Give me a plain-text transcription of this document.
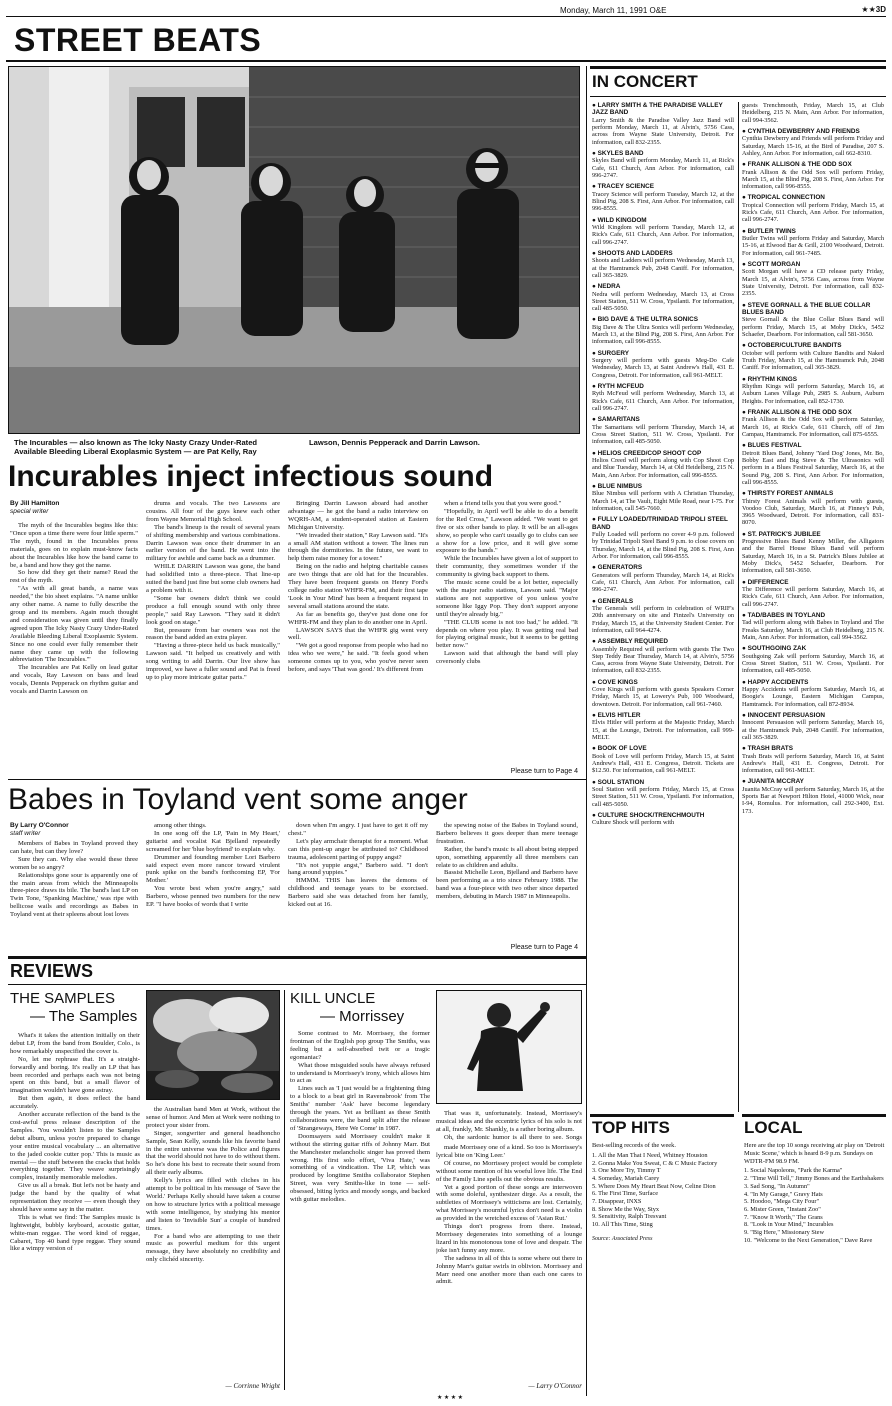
Monday, March 11, 1991 O&E	★★3D
STREET BEATS
The Incurables — also known as The Icky Nasty Crazy Under-Rated Available Bleeding Liberal Exoplasmic System — are Pat Kelly, Ray Lawson, Dennis Pepperack and Darrin Lawson.
Incurables inject infectious sound
By Jill Hamilton
special writer

The myth of the Incurables begins like this: "Once upon a time there were four little sperm." The myth, found in the Incurables press materials, goes on to explain must-know facts about the Incurables like how the band came to be, a band and how they got the name.

So how did they get their name? Read the rest of the myth.

"As with all great bands, a name was needed," the bio sheet explains. "A name unlike any other name. A name to fully describe the group and its members. Again much thought and consideration was given until they finally agreed upon The Icky Nasty Crazy Under-Rated Available Bleeding Liberal Exoplasmic System. Since no one could ever fully remember their name they came up with the following abbreviation 'The Incurables.'"

The Incurables are Pat Kelly on lead guitar and vocals, Ray Lawson on bass and lead vocals, Dennis Pepperack on rhythm guitar and vocals and Darrin Lawson on

drums and vocals. The two Lawsons are cousins. All four of the guys knew each other from Wayne Memorial High School.

The band's lineup is the result of several years of shifting membership and various combinations. Darrin Lawson was once their drummer in an earlier version of the band. He went into the military for awhile and came back as a drummer.

WHILE DARRIN Lawson was gone, the band had solidified into a three-piece. That line-up suited the band just fine but some club owners had a problem with it.

"Some bar owners didn't think we could produce a full enough sound with only three people," said Ray Lawson. "They said it didn't look good on stage."

But, pressure from bar owners was not the reason the band added an extra player.

"Having a three-piece held us back musically," Lawson said. "It helped us creatively and with song writing to add Darrin. Our live show has improved, we have a fuller sound and Pat is freed up to play more intricate guitar parts."

Bringing Darrin Lawson aboard had another advantage — he got the band a radio interview on WQRH-AM, a student-operated station at Eastern Michigan University.

"We invaded their station," Ray Lawson said. "It's a small AM station without a tower. The lines run through the dormitories. In the future, we want to help them raise money for a tower."

Being on the radio and helping charitable causes are two things that are old hat for the Incurables. They have been frequent guests on Henry Ford's college radio station WHFR-FM, and their first tape 'Look in Your Mind' has been a frequent request in several small stations around the state.

As far as benefits go, they've just done one for WHFR-FM and they plan to do another one in April.

LAWSON SAYS that the WHFR gig went very well.

"We got a good response from people who had no idea who we were," he said. "It feels good when someone comes up to you, who you've never seen before, and says 'That was good.' It's different from

when a friend tells you that you were good."

"Hopefully, in April we'll be able to do a benefit for the Red Cross," Lawson added. "We want to get five or six other bands to play. It will be an all-ages show, so people who can't usually go to clubs can see a show for a low price, and it will give some exposure to the bands."

While the Incurables have given a lot of support to their community, they sometimes wonder if the community is giving back support to them.

The music scene could be a lot better, especially with the major radio stations, Lawson said. "Major stations are not supportive of you unless you're someone like Iggy Pop. They don't support anyone until they're already big."

"THE CLUB scene is not too bad," he added. "It depends on where you play. It was getting real bad for playing original music, but it seems to be getting better now."

Lawson said that although the band will play coversonly clubs

Please turn to Page 4
Babes in Toyland vent some anger
By Larry O'Connor
staff writer

Members of Babes in Toyland proved they can hate, but can they love?

Sure they can. Why else would these three women be so angry?

Relationships gone sour is apparently one of the main areas from which the Minneapolis three-piece draws its bile. The band's last LP on Twin Tone, 'Spanking Machine,' was ripe with bellicose wails and recordings as Babes in Toyland vent at their spleens about lost loves

among other things.

In one song off the LP, 'Pain in My Heart,' guitarist and vocalist Kat Bjelland repeatedly screamed for her 'blue boyfriend' to explain why.

Drummer and founding member Lori Barbero said expect even more rancor toward virulent punk spike on the band's forthcoming EP, 'For Mother.'

You wrote best when you're angry," said Barbero, whose penned two numbers for the new EP. "I have books of words that I write

down when I'm angry. I just have to get it off my chest."

Let's play armchair therapist for a moment. What can this pent-up anger be attributed to? Childhood trauma, adolescent parting of puppy angst?

"It's not yuppie angst," Barbero said. "I don't hang around yuppies."

HMMM. THIS has leaves the demons of childhood and teenage years to be exorcised. Barbero said she was detached from her family, kicked out at 16.

the spewing noise of the Babes in Toyland sound, Barbero believes it goes deeper than mere teenage frustration.

Rather, the band's music is all about being stepped upon, something apparently all three members can relate to as children and adults.

Bassist Michelle Leon, Bjelland and Barbero have been performing as a trio since February 1988. The band was a four-piece with two other since departed members, debuting in March 1987 in Minneapolis.

Please turn to Page 4
REVIEWS
THE SAMPLES
— The Samples

What's it takes the attention initially on their debut LP, from the band from Boulder, Colo., is how remarkably unspecified the cover is.

No, let me rephrase that. It's a straight-forwardly and boring. It's really an LP that has been recorded and perhaps each was not being spent on this band, but a small flavor of imagination wouldn't have gone astray.

But then again, it does reflect the band accurately.

Another accurate reflection of the band is the cost-awful press release description of the Samples. 'You wouldn't listen to the Samples debut album, unless you're prepared to change your entire musical vocabulary ... an alternative to the jaded cookie cutter pop.' This is music as mental — the stuff between the cracks that holds everything together. They weave surprisingly complex, instantly memorable melodies.

Give us all a break. But let's not be hasty and judge the band by the quality of what representation they receive — even though they should have some say in the matter.

This is what we find: The Samples music is lightweight, bubbly keyboard, acoustic guitar, white-man reggae. The word kind of reggae, Cabaret, Top 40 band type reggae. They sound like a wimpy version of

the Australian band Men at Work, without the sense of humor. And Men at Work were nothing to protect your sister from.

Singer, songwriter and general headhoncho Sample, Sean Kelly, sounds like his favorite band in the entire universe was the Police and figures that the world should not have to do without them. So he's done his best to recreate their sound from all their early albums.

Kelly's lyrics are filled with cliches in his attempt to be political in his message of 'Save the World.' Perhaps Kelly should have taken a course on how to structure lyrics with a political message with some intelligence, by studying his mentor and listen to 'Invisible Sun' a couple of hundred times.

For a band who are attempting to use their music as powerful medium for this urgent message, they have absolutely no credibility and only clichéd sincerity.

— Corrinne Wright
KILL UNCLE
— Morrissey

Some contrast to Mr. Morrissey, the former frontman of the English pop group The Smiths, was feeling but a self-absorbed twit or a tragic egomaniac?

What those misguided souls have always refused to understand is Morrissey's irony, which allows him to act as

Lines such as 'I just would be a frightening thing to a block to a beat girl in Ravensbrook' from The Smiths' number 'Ask' have become legendary through the years. Yet as brilliant as these Smith collaborations were, the band split after the release of 'Strangeways, Here We Come' in 1987.

Doomsayers said Morrissey couldn't make it without the stirring guitar riffs of Johnny Marr. But the Manchester melancholic singer has proved them wrong. His first solo effort, 'Viva Hate,' was something of a vindication. The LP, which was produced by longtime Smiths collaborator Stephen Street, was very Smiths-like in tone — self-obsessed, biting lyrics and moody songs, and backed with guitar melodies.

That was it, unfortunately. Instead, Morrissey's musical ideas and the eccentric lyrics of his solo is not at all, frankly, Mr. Shankly, is a rather boring album.

Oh, the sardonic humor is all there to see. Songs

made Morrissey one of a kind. So too is Morrissey's lyrical bite on 'King Leer.'

Of course, no Morrissey project would be complete without some mention of his woeful love life. The End of the Family Line spells out the obvious results.

Yet a good portion of these songs are interwoven with some doleful, synthesizer dirge. As a result, the subtleties of Morrissey's witticisms are lost. Certainly, what Morrissey's mournful lyrics don't need is a violin as provided in the wretched excess of 'Asian Rut.'

Things don't progress from there. Instead, Morrissey degenerates into something of a lounge lizard in his monotonous tone of love and despair. The joke isn't funny any more.

The sadness in all of this is some where out there in Johnny Marr's guitar swirls in oblivion. Morrissey and Marr need one another more than each one cares to admit.

— Larry O'Connor
IN CONCERT
● LARRY SMITH & THE PARADISE VALLEY JAZZ BAND
Larry Smith & the Paradise Valley Jazz Band will perform Monday, March 11, at Alvin's, 5756 Cass, across from Wayne State University, Detroit. For information, call 832-2355.
● SKYLES BAND
Skyles Band will perform Monday, March 11, at Rick's Cafe, 611 Church, Ann Arbor. For information, call 996-2747.
● TRACEY SCIENCE
Tracey Science will perform Tuesday, March 12, at the Blind Pig, 208 S. First, Ann Arbor. For information, call 996-8555.
● WILD KINGDOM
Wild Kingdom will perform Tuesday, March 12, at Rick's Cafe, 611 Church, Ann Arbor. For information, call 996-2747.
● SHOOTS AND LADDERS
Shoots and Ladders will perform Wednesday, March 13, at the Hamtramck Pub, 2048 Caniff. For information, call 365-3829.
● NEDRA
Nedra will perform Wednesday, March 13, at Cross Street Station, 511 W. Cross, Ypsilanti. For information, call 485-5050.
● BIG DAVE & THE ULTRA SONICS
Big Dave & The Ultra Sonics will perform Wednesday, March 13, at the Blind Pig, 208 S. First, Ann Arbor. For information, call 996-8555.
● SURGERY
Surgery will perform with guests Meg-Do Cafe Wednesday, March 13, at Saint Andrew's Hall, 431 E. Congress, Detroit. For information, call 961-MELT.
● RYTH MCFEUD
Ryth McFeud will perform Wednesday, March 13, at Rick's Cafe, 611 Church, Ann Arbor. For information, call 996-2747.
● SAMARITANS
The Samaritans will perform Thursday, March 14, at Cross Street Station, 511 W. Cross, Ypsilanti. For information, call 485-5050.
● HELIOS CREED/COP SHOOT COP
Helios Creed will perform along with Cop Shoot Cop and Blue Tuesday, March 14, at Old Heidelberg, 215 N. Main, Ann Arbor. For information, call 996-8555.
● BLUE NIMBUS
Blue Nimbus will perform with A Christian Thursday, March 14, at The Vault, Eight Mile Road, near I-75. For information, call 545-7660.
● FULLY LOADED/TRINIDAD TRIPOLI STEEL BAND
Fully Loaded will perform no cover 4-9 p.m. followed by Trinidad Tripoli Steel Band 9 p.m. to close covers on Thursday, March 14, at the Blind Pig, 208 S. First, Ann Arbor. For information, call 996-8555.
● GENERATORS
Generators will perform Thursday, March 14, at Rick's Cafe, 611 Church, Ann Arbor. For information, call 996-2747.
● GENERALS
The Generals will perform in celebration of WRIF's 20th anniversary on site and Fintzel's University on Friday, March 15, at the University Student Center. For information, call 964-4274.
● ASSEMBLY REQUIRED
Assembly Required will perform with guests The Two Step Teddy Bear Thursday, March 14, at Alvin's, 5756 Cass, across from Wayne State University, Detroit. For information, call 832-2355.
● COVE KINGS
Cove Kings will perform with guests Speakers Corner Friday, March 15, at Lowery's Pub, 100 Woodward, downtown. Detroit. For information, call 961-7460.
● ELVIS HITLER
Elvis Hitler will perform at the Majestic Friday, March 15, at the Lounge, Detroit. For information, call 999-MELT.
● BOOK OF LOVE
Book of Love will perform Friday, March 15, at Saint Andrew's Hall, 431 E. Congress, Detroit. Tickets are $12.50. For information, call 961-MELT.
● SOUL STATION
Soul Station will perform Friday, March 15, at Cross Street Station, 511 W. Cross, Ypsilanti. For information, call 485-5050.
● CULTURE SHOCK/TRENCHMOUTH
Culture Shock will perform with
guests Trenchmouth, Friday, March 15, at Club Heidelberg, 215 N. Main, Ann Arbor. For information, call 994-3562.
● CYNTHIA DEWBERRY AND FRIENDS
Cynthia Dewberry and Friends will perform Friday and Saturday, March 15-16, at the Bird of Paradise, 207 S. Ashley, Ann Arbor. For information, call 662-8310.
● FRANK ALLISON & THE ODD SOX
Frank Allison & the Odd Sox will perform Friday, March 15, at the Blind Pig, 208 S. First, Ann Arbor. For information, call 996-8555.
● TROPICAL CONNECTION
Tropical Connection will perform Friday, March 15, at Rick's Cafe, 611 Church, Ann Arbor. For information, call 996-2747.
● BUTLER TWINS
Butler Twins will perform Friday and Saturday, March 15-16, at Elwood Bar & Grill, 2100 Woodward, Detroit. For information, call 961-7485.
● SCOTT MORGAN
Scott Morgan will have a CD release party Friday, March 15, at Alvin's, 5756 Cass, across from Wayne State University, Detroit. For information, call 832-2355.
● STEVE GORNALL & THE BLUE COLLAR BLUES BAND
Steve Gornall & the Blue Collar Blues Band will perform Friday, March 15, at Moby Dick's, 5452 Schaefer, Dearborn. For information, call 581-3650.
● OCTOBER/CULTURE BANDITS
October will perform with Culture Bandits and Naked Truth Friday, March 15, at the Hamtramck Pub, 2048 Caniff. For information, call 365-3829.
● RHYTHM KINGS
Rhythm Kings will perform Saturday, March 16, at Auburn Lanes Village Pub, 2985 S. Auburn, Auburn Heights. For information, call 852-1730.
● FRANK ALLISON & THE ODD SOX
Frank Allison & the Odd Sox will perform Saturday, March 16, at Rick's Cafe, 611 Church, off of Jim Campau, Hamtramck. For information, call 875-6555.
● BLUES FESTIVAL
Detroit Blues Band, Johnny 'Yard Dog' Jones, Mr. Bo, Bobby East and Big Steve & The Ultrasonics will perform in a Blues Festival Saturday, March 16, at the Sound Pig, 208 S. First, Ann Arbor. For information, call 996-8555.
● THIRSTY FOREST ANIMALS
Thirsty Forest Animals will perform with guests, Voodoo Club, Saturday, March 16, at Finney's Pub, 3965 Woodward, Detroit. For information, call 831-8070.
● ST. PATRICK'S JUBILEE
Progressive Blues Band Kenny Miller, the Alligators and the Barrel House Blues Band will perform Saturday, March 16, in a St. Patrick's Blues Jubilee at Moby Dick's, 5452 Schaefer, Dearborn. For information, call 581-3650.
● DIFFERENCE
The Difference will perform Saturday, March 16, at Rick's Cafe, 611 Church, Ann Arbor. For information, call 996-2747.
● TAD/BABES IN TOYLAND
Tad will perform along with Babes in Toyland and The Freaks Saturday, March 16, at Club Heidelberg, 215 N. Main, Ann Arbor. For information, call 994-3562.
● SOUTHGOING ZAK
Southgoing Zak will perform Saturday, March 16, at Cross Street Station, 511 W. Cross, Ypsilanti. For information, call 485-5050.
● HAPPY ACCIDENTS
Happy Accidents will perform Saturday, March 16, at Boogie's Lounge, Eastern Michigan Campus, Hamtramck. For information, call 872-8934.
● INNOCENT PERSUASION
Innocent Persuasion will perform Saturday, March 16, at the Hamtramck Pub, 2048 Caniff. For information, call 365-3829.
● TRASH BRATS
Trash Brats will perform Saturday, March 16, at Saint Andrew's Hall, 431 E. Congress, Detroit. For information, call 961-MELT.
● JUANITA MCCRAY
Juanita McCray will perform Saturday, March 16, at the Sports Bar at Newport Hilton Hotel, 41000 Wick, near I-94, Romulus. For information, call 292-3400, Ext. 173.
TOP HITS
Best-selling records of the week.
1. All the Man That I Need, Whitney Houston
2. Gonna Make You Sweat, C & C Music Factory
3. One More Try, Timmy T
4. Someday, Mariah Carey
5. Where Does My Heart Beat Now, Celine Dion
6. The First Time, Surface
7. Disappear, INXS
8. Show Me the Way, Styx
9. Sensitivity, Ralph Tresvant
10. All This Time, Sting
Source: Associated Press
LOCAL
Here are the top 10 songs receiving air play on 'Detroit Music Scene,' which is heard 8-9 p.m. Sundays on WDTR-FM 98.9 FM.
1. Social Napoleons, "Park the Karma"
2. "Time Will Tell," Jimmy Bones and the Earthshakers
3. Sad Song, "In Autumn"
4. "In My Garage," Gravy Hats
5. Hoodoo, "Mega City Four"
6. Mister Green, "Instant Zoo"
7. "Know It Worth," The Grans
8. "Look in Your Mind," Incurables
9. "Big Here," Missionary Stew
10. "Welcome to the Next Generation," Dave Rave
★ ★ ★ ★
